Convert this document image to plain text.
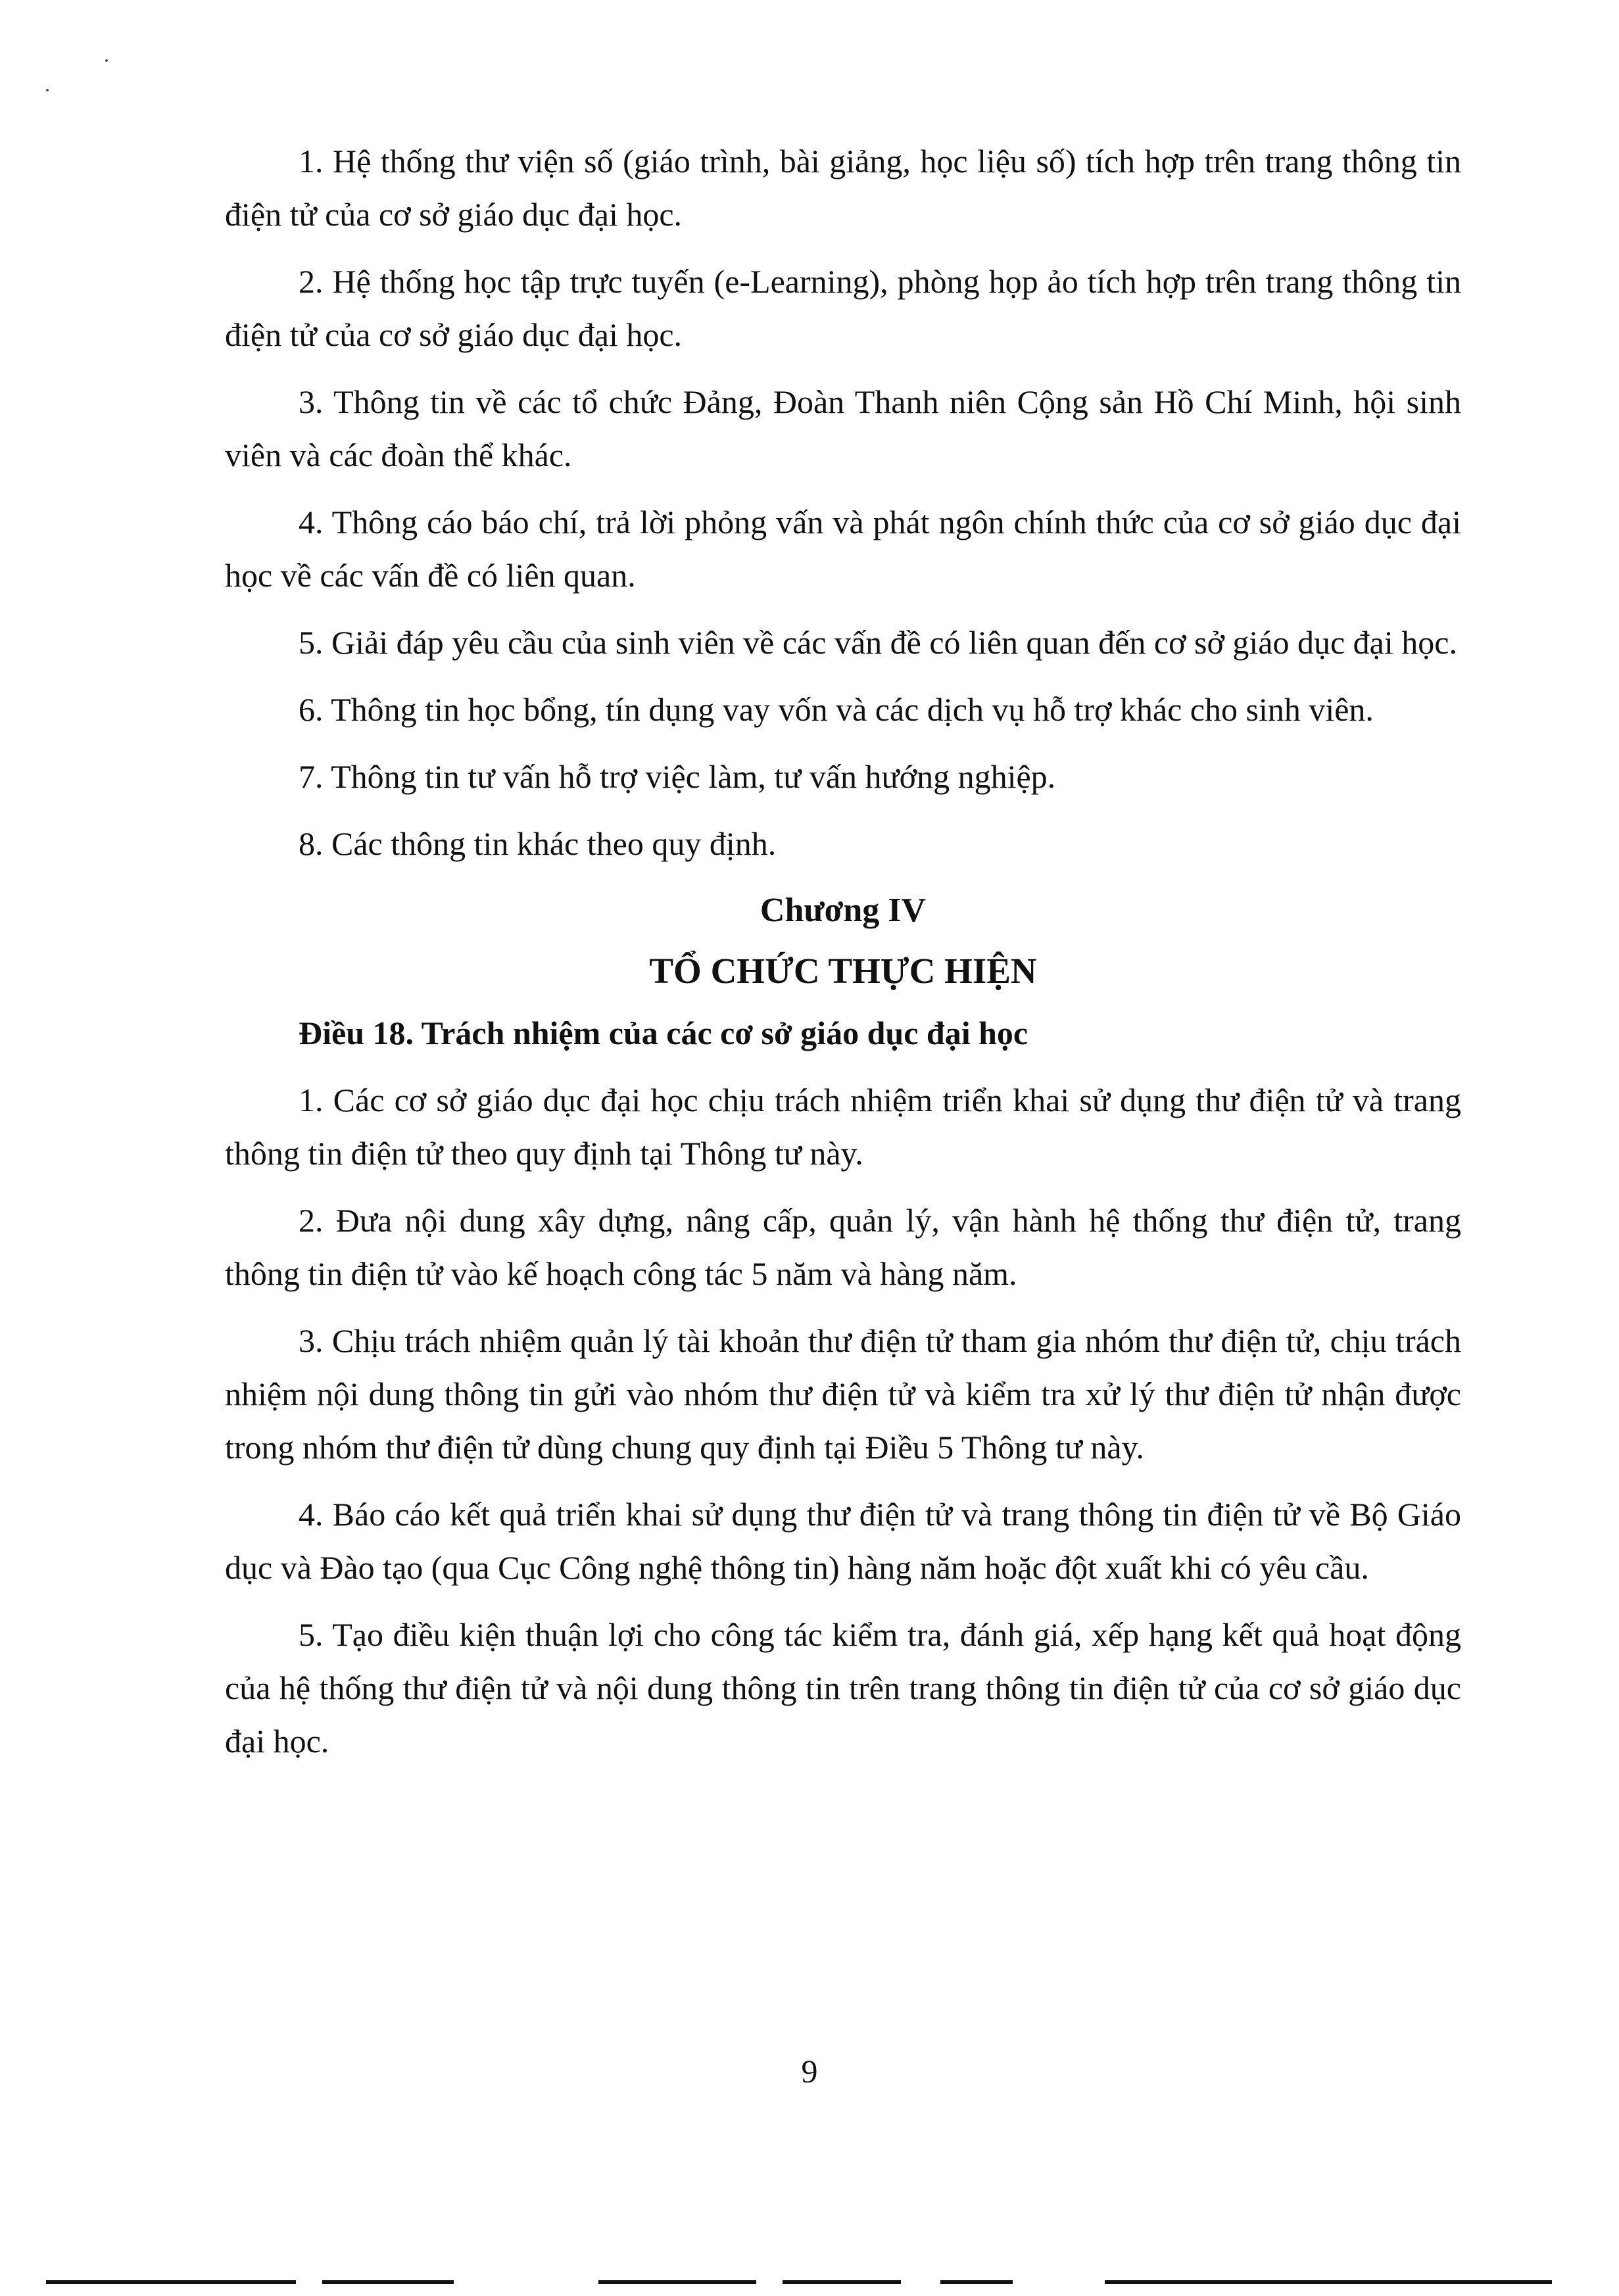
1. Hệ thống thư viện số (giáo trình, bài giảng, học liệu số) tích hợp trên trang thông tin điện tử của cơ sở giáo dục đại học.

2. Hệ thống học tập trực tuyến (e-Learning), phòng họp ảo tích hợp trên trang thông tin điện tử của cơ sở giáo dục đại học.

3. Thông tin về các tổ chức Đảng, Đoàn Thanh niên Cộng sản Hồ Chí Minh, hội sinh viên và các đoàn thể khác.

4. Thông cáo báo chí, trả lời phỏng vấn và phát ngôn chính thức của cơ sở giáo dục đại học về các vấn đề có liên quan.

5. Giải đáp yêu cầu của sinh viên về các vấn đề có liên quan đến cơ sở giáo dục đại học.

6. Thông tin học bổng, tín dụng vay vốn và các dịch vụ hỗ trợ khác cho sinh viên.

7. Thông tin tư vấn hỗ trợ việc làm, tư vấn hướng nghiệp.

8. Các thông tin khác theo quy định.

Chương IV
TỔ CHỨC THỰC HIỆN
Điều 18. Trách nhiệm của các cơ sở giáo dục đại học

1. Các cơ sở giáo dục đại học chịu trách nhiệm triển khai sử dụng thư điện tử và trang thông tin điện tử theo quy định tại Thông tư này.

2. Đưa nội dung xây dựng, nâng cấp, quản lý, vận hành hệ thống thư điện tử, trang thông tin điện tử vào kế hoạch công tác 5 năm và hàng năm.

3. Chịu trách nhiệm quản lý tài khoản thư điện tử tham gia nhóm thư điện tử, chịu trách nhiệm nội dung thông tin gửi vào nhóm thư điện tử và kiểm tra xử lý thư điện tử nhận được trong nhóm thư điện tử dùng chung quy định tại Điều 5 Thông tư này.

4. Báo cáo kết quả triển khai sử dụng thư điện tử và trang thông tin điện tử về Bộ Giáo dục và Đào tạo (qua Cục Công nghệ thông tin) hàng năm hoặc đột xuất khi có yêu cầu.

5. Tạo điều kiện thuận lợi cho công tác kiểm tra, đánh giá, xếp hạng kết quả hoạt động của hệ thống thư điện tử và nội dung thông tin trên trang thông tin điện tử của cơ sở giáo dục đại học.

9
